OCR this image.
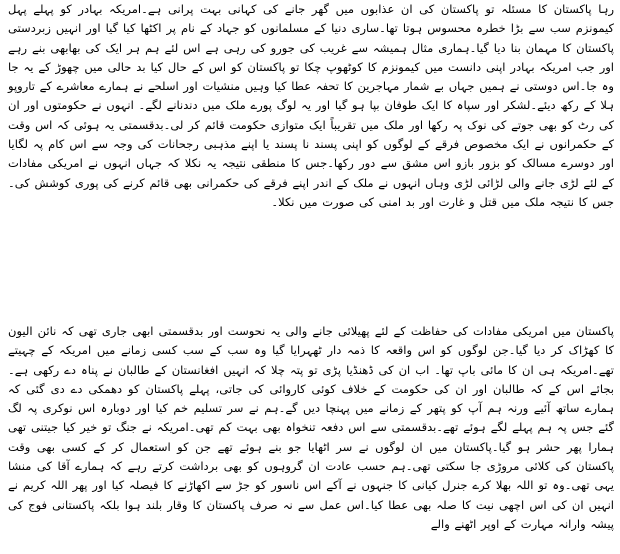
رہا پاکستان کا مسئلہ تو پاکستان کی ان عذابوں میں گھر جانے کی کہانی بہت پرانی ہے۔امریکہ بہادر کو پہلے پہل کیمونزم سب سے بڑا خطرہ محسوس ہوتا تھا۔ساری دنیا کے مسلمانوں کو جہاد کے نام پر اکٹھا کیا گیا اور انہیں زبردستی پاکستان کا مہمان بنا دیا گیا۔ہماری مثال ہمیشہ سے غریب کی جورو کی رہی ہے اس لئے ہم ہر ایک کی بھابھی بنے رہے اور جب امریکہ بہادر اپنی دانست میں کیمونزم کا کوٹھوپ چکا تو پاکستان کو اس کے حال کیا بد حالی میں چھوڑ کے یہ جا وہ جا۔اس دوستی نے ہمیں جہاں بے شمار مہاجرین کا تحفہ عطا کیا وہیں منشیات اور اسلحے نے ہمارے معاشرے کے تاروپو ہلا کے رکھ دیئے۔لشکر اور سپاہ کا ایک طوفان بپا ہو گیا اور یہ لوگ پورے ملک میں دندنانے لگے۔ انہوں نے حکومتوں اور ان کی رٹ کو بھی جوتے کی نوک پہ رکھا اور ملک میں تقریباً ایک متوازی حکومت قائم کر لی۔بدقسمتی یہ ہوئی کہ اس وقت کے حکمرانوں نے ایک مخصوص فرقے کے لوگوں کو اپنی پسند نا پسند یا اپنے مذہبی رجحانات کی وجہ سے اس کام پہ لگایا اور دوسرے مسالک کو بزور بازو اس مشق سے دور رکھا۔جس کا منطقی نتیجہ یہ نکلا کہ جہاں انہوں نے امریکی مفادات کے لئے لڑی جانے والی لڑائی لڑی وہاں انہوں نے ملک کے اندر اپنے فرقے کی حکمرانی بھی قائم کرنے کی پوری کوشش کی۔جس کا نتیجہ ملک میں قتل و غارت اور بد امنی کی صورت میں نکلا۔

پاکستان میں امریکی مفادات کی حفاظت کے لئے پھیلائی جانے والی یہ نحوست اور بدقسمتی ابھی جاری تھی کہ نائن الیون کا کھڑاک کر دیا گیا۔جن لوگوں کو اس واقعہ کا ذمہ دار ٹھہرایا گیا وہ سب کے سب کسی زمانے میں امریکہ کے چہیتے تھے۔امریکہ ہی ان کا مائی باپ تھا۔ اب ان کی ڈھنڈیا پڑی تو پتہ چلا کہ انہیں افغانستان کے طالبان نے پناہ دے رکھی ہے۔بجائے اس کے کہ طالبان اور ان کی حکومت کے خلاف کوئی کاروائی کی جاتی، پہلے پاکستان کو دھمکی دے دی گئی کہ ہمارے ساتھ آئیے ورنہ ہم آپ کو پتھر کے زمانے میں پہنچا دیں گے۔ہم نے سر تسلیم خم کیا اور دوبارہ اس نوکری پہ لگ گئے جس پہ ہم پہلے لگے ہوئے تھے۔بدقسمتی سے اس دفعہ تنخواہ بھی بہت کم تھی۔امریکہ نے جنگ تو خیر کیا جیتنی تھی ہمارا پھر حشر ہو گیا۔پاکستان میں ان لوگوں نے سر اٹھایا جو بنے ہوئے تھے جن کو استعمال کر کے کسی بھی وقت پاکستان کی کلائی مروڑی جا سکتی تھی۔ہم حسب عادت ان گروہوں کو بھی برداشت کرتے رہے کہ ہمارے آقا کی منشا یہی تھی۔وہ تو اللہ بھلا کرے جنرل کیانی کا جنہوں نے آکے اس ناسور کو جڑ سے اکھاڑنے کا فیصلہ کیا اور پھر اللہ کریم نے انہیں ان کی اس اچھی نیت کا صلہ بھی عطا کیا۔اس عمل سے نہ صرف پاکستان کا وقار بلند ہوا بلکہ پاکستانی فوج کی پیشہ وارانہ مہارت کے اوپر اٹھنے والے
